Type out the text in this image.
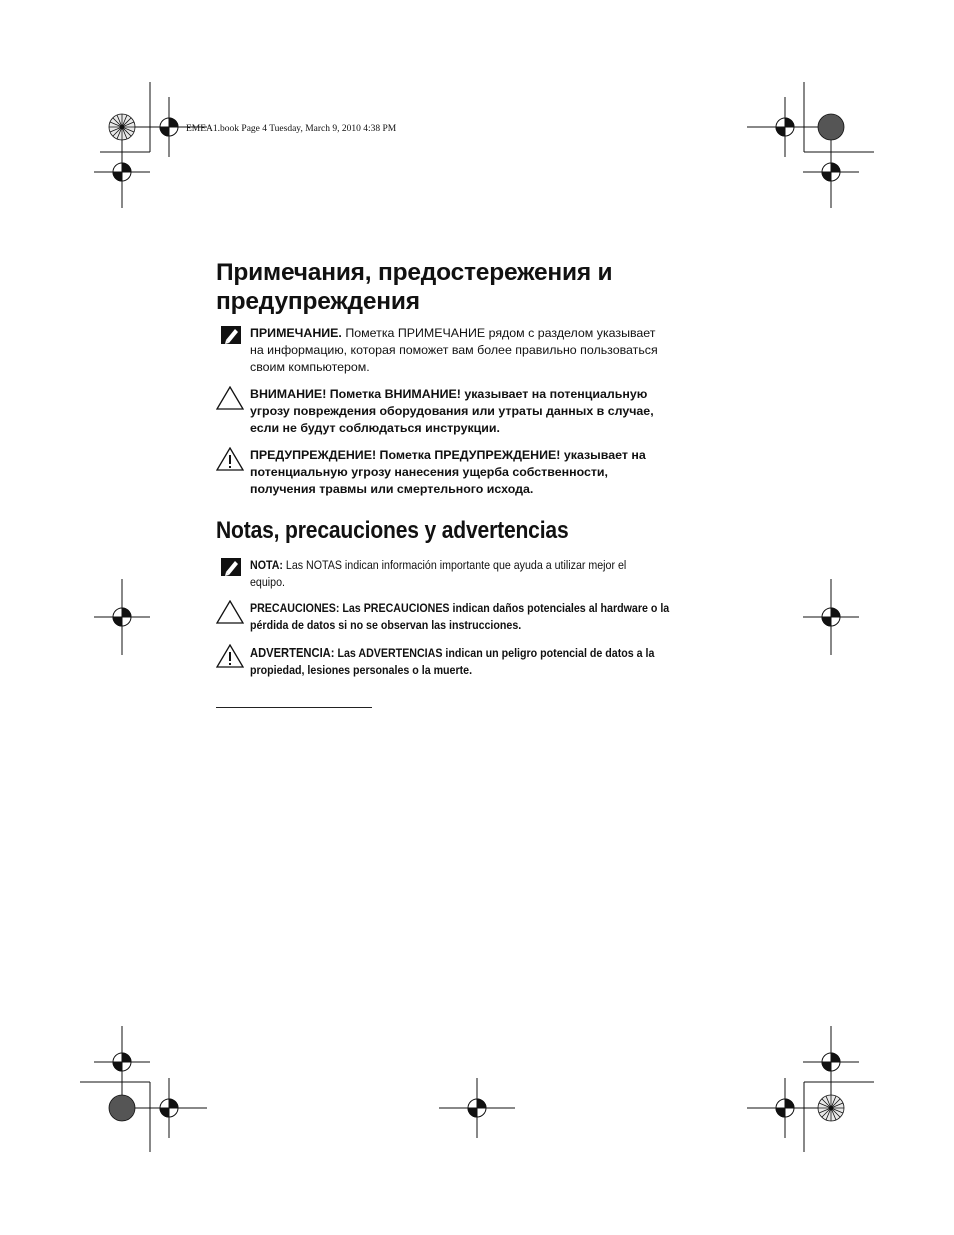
EMEA1.book Page 4 Tuesday, March 9, 2010 4:38 PM
Примечания, предостережения и
предупреждения
ПРИМЕЧАНИЕ. Пометка ПРИМЕЧАНИЕ рядом с разделом указывает
на информацию, которая поможет вам более правильно пользоваться
своим компьютером.
ВНИМАНИЕ! Пометка ВНИМАНИЕ! указывает на потенциальную
угрозу повреждения оборудования или утраты данных в случае,
если не будут соблюдаться инструкции.
ПРЕДУПРЕЖДЕНИЕ! Пометка ПРЕДУПРЕЖДЕНИЕ! указывает на
потенциальную угрозу нанесения ущерба собственности,
получения травмы или смертельного исхода.
Notas, precauciones y advertencias
NOTA: Las NOTAS indican información importante que ayuda a utilizar mejor el
equipo.
PRECAUCIONES: Las PRECAUCIONES indican daños potenciales al hardware o la
pérdida de datos si no se observan las instrucciones.
ADVERTENCIA: Las ADVERTENCIAS indican un peligro potencial de datos a la
propiedad, lesiones personales o la muerte.
